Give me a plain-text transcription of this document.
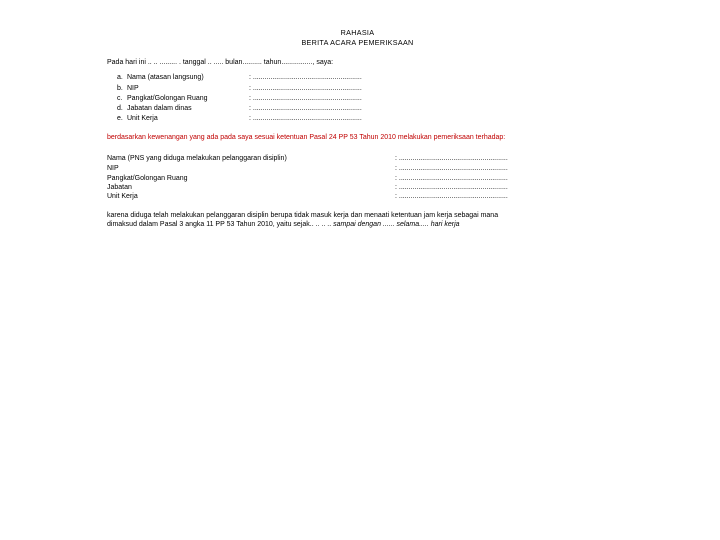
RAHASIA
BERITA ACARA PEMERIKSAAN
Pada hari ini .. .. ......... . tanggal .. ..... bulan.......... tahun................, saya:
a. Nama (atasan langsung)	: ........................................................
b. NIP	: ........................................................
c. Pangkat/Golongan Ruang	: ........................................................
d. Jabatan dalam dinas	: ........................................................
e. Unit Kerja	: ........................................................
berdasarkan kewenangan yang ada pada saya sesuai ketentuan Pasal 24 PP 53 Tahun 2010 melakukan pemeriksaan terhadap:
Nama (PNS yang diduga melakukan pelanggaran disiplin)	: ........................................................
NIP	: ........................................................
Pangkat/Golongan Ruang	: ........................................................
Jabatan	: ........................................................
Unit Kerja	: ........................................................
karena diduga telah melakukan pelanggaran disiplin berupa tidak masuk kerja dan menaati ketentuan jam kerja sebagai mana
dimaksud dalam Pasal 3 angka 11 PP 53 Tahun 2010, yaitu sejak.. .. .. .. sampai dengan ...... selama..... hari kerja
